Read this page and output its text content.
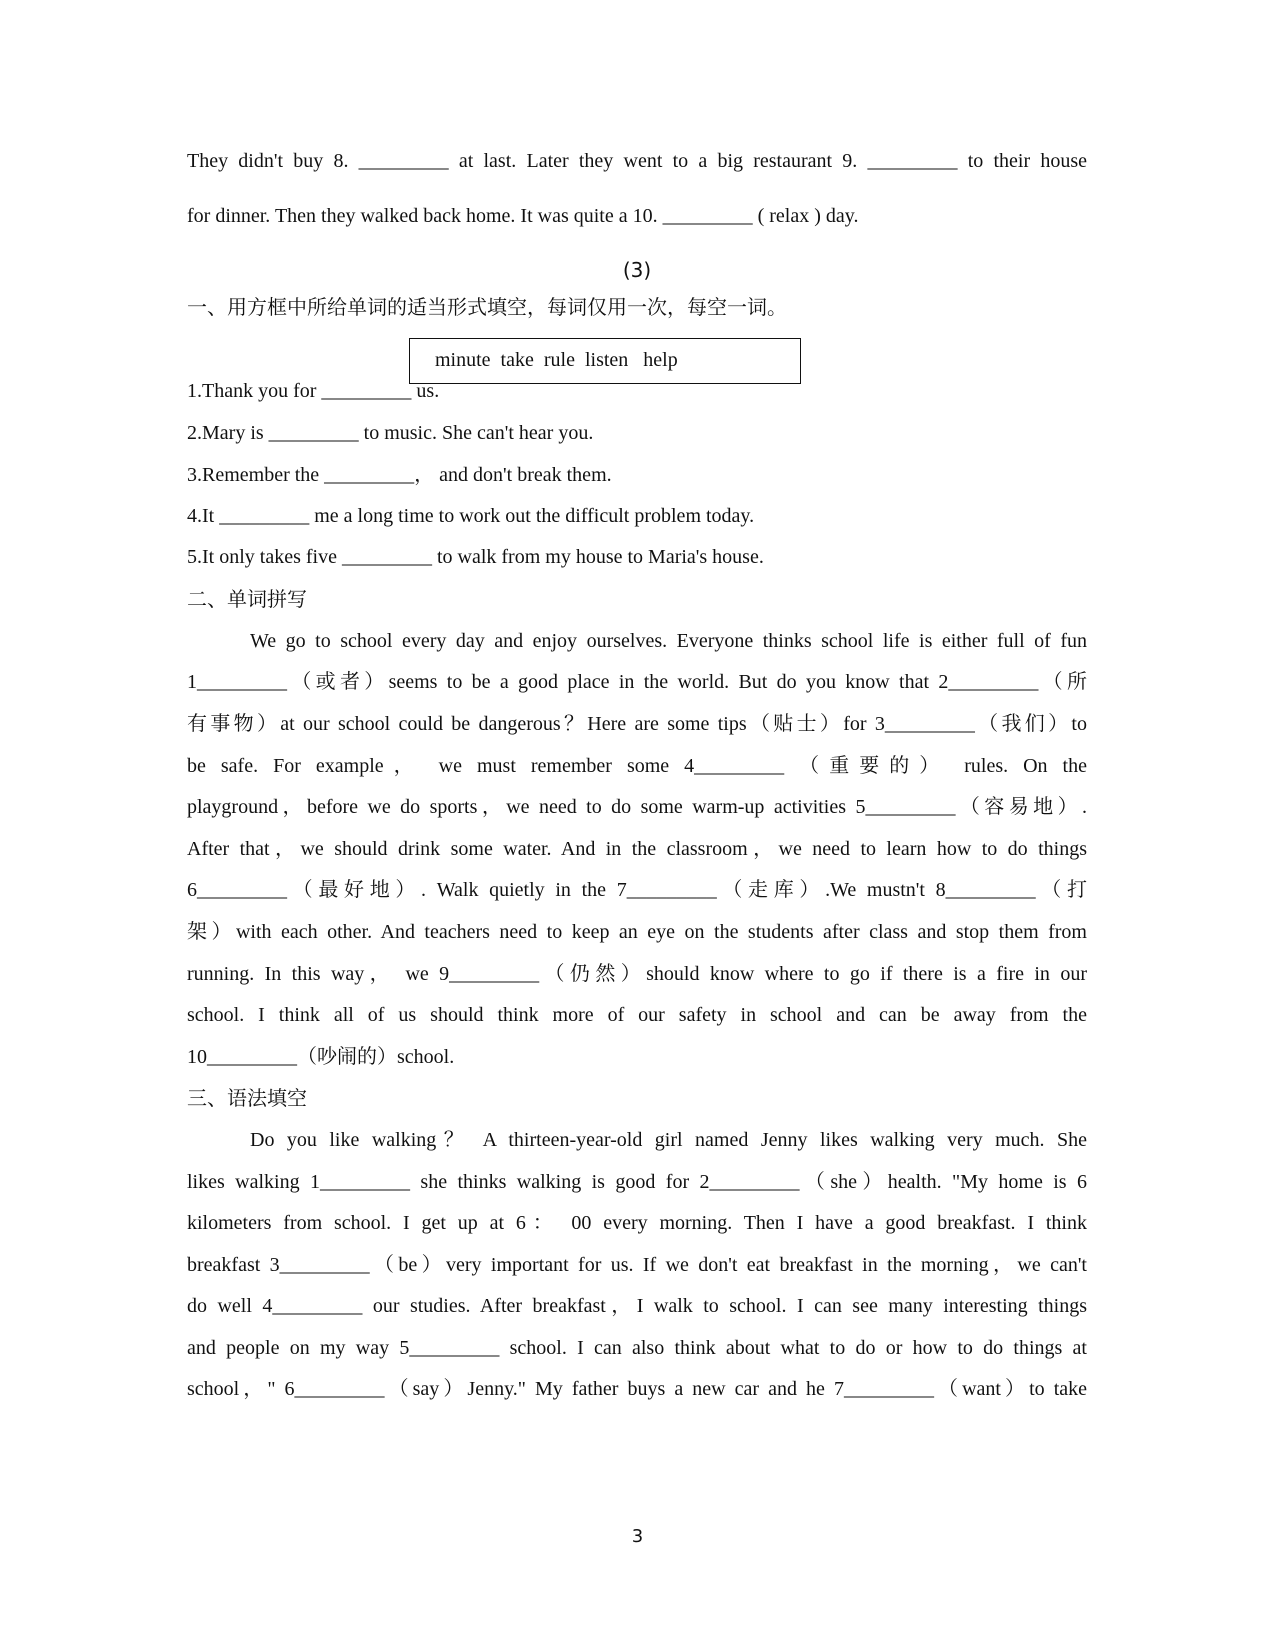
They didn't buy 8. _________ at last. Later they went to a big restaurant 9. _________ to their house
for dinner. Then they walked back home. It was quite a 10. _________ ( relax ) day.
(3)
一、用方框中所给单词的适当形式填空，每词仅用一次，每空一词。
minute  take  rule  listen   help
1.Thank you for _________ us.
2.Mary is _________ to music. She can't hear you.
3.Remember the _________， and don't break them.
4.It _________ me a long time to work out the difficult problem today.
5.It only takes five _________ to walk from my house to Maria's house.
二、单词拼写
We go to school every day and enjoy ourselves. Everyone thinks school life is either full of fun
1_________（或者）seems to be a good place in the world. But do you know that 2_________（所
有事物）at our school could be dangerous？Here are some tips（贴士）for 3_________（我们）to
be safe. For example， we must remember some 4_________ （重要的） rules. On the
playground，before we do sports，we need to do some warm-up activities 5_________（容易地）.
After that，we should drink some water. And in the classroom，we need to learn how to do things
6_________（最好地）. Walk quietly in the 7_________（走库）.We mustn't 8_________（打
架）with each other. And teachers need to keep an eye on the students after class and stop them from
running. In this way， we 9_________（仍然）should know where to go if there is a fire in our
school. I think all of us should think more of our safety in school and can be away from the
10_________（吵闹的）school.
三、语法填空
Do you like walking？ A thirteen-year-old girl named Jenny likes walking very much. She
likes walking 1_________ she thinks walking is good for 2_________（she）health. "My home is 6
kilometers from school. I get up at 6： 00 every morning. Then I have a good breakfast. I think
breakfast 3_________（be）very important for us. If we don't eat breakfast in the morning，we can't
do well 4_________ our studies. After breakfast，I walk to school. I can see many interesting things
and people on my way 5_________ school. I can also think about what to do or how to do things at
school，" 6_________（say）Jenny." My father buys a new car and he 7_________（want）to take
3
